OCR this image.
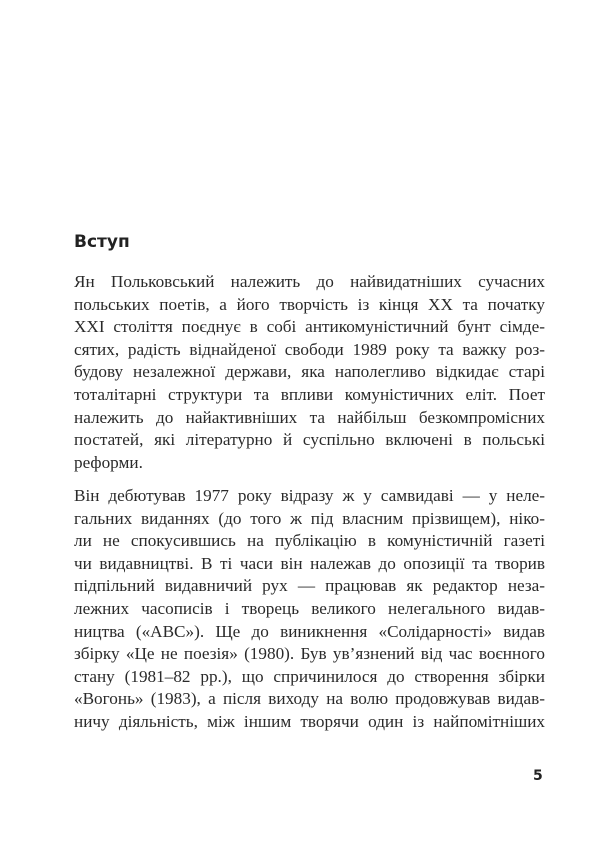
Вступ
Ян Польковський належить до найвидатніших сучасних
польських поетів, а його творчість із кінця XX та початку
XXI століття поєднує в собі антикомуністичний бунт сімде-
сятих, радість віднайденої свободи 1989 року та важку роз-
будову незалежної держави, яка наполегливо відкидає старі
тоталітарні структури та впливи комуністичних еліт. Поет
належить до найактивніших та найбільш безкомпромісних
постатей, які літературно й суспільно включені в польські
реформи.
Він дебютував 1977 року відразу ж у самвидаві — у неле-
гальних виданнях (до того ж під власним прізвищем), ніко-
ли не спокусившись на публікацію в комуністичній газеті
чи видавництві. В ті часи він належав до опозиції та творив
підпільний видавничий рух — працював як редактор неза-
лежних часописів і творець великого нелегального видав-
ництва («ABC»). Ще до виникнення «Солідарності» видав
збірку «Це не поезія» (1980). Був ув’язнений від час воєнного
стану (1981–82 рр.), що спричинилося до створення збірки
«Вогонь» (1983), а після виходу на волю продовжував видав-
ничу діяльність, між іншим творячи один із найпомітніших
5
